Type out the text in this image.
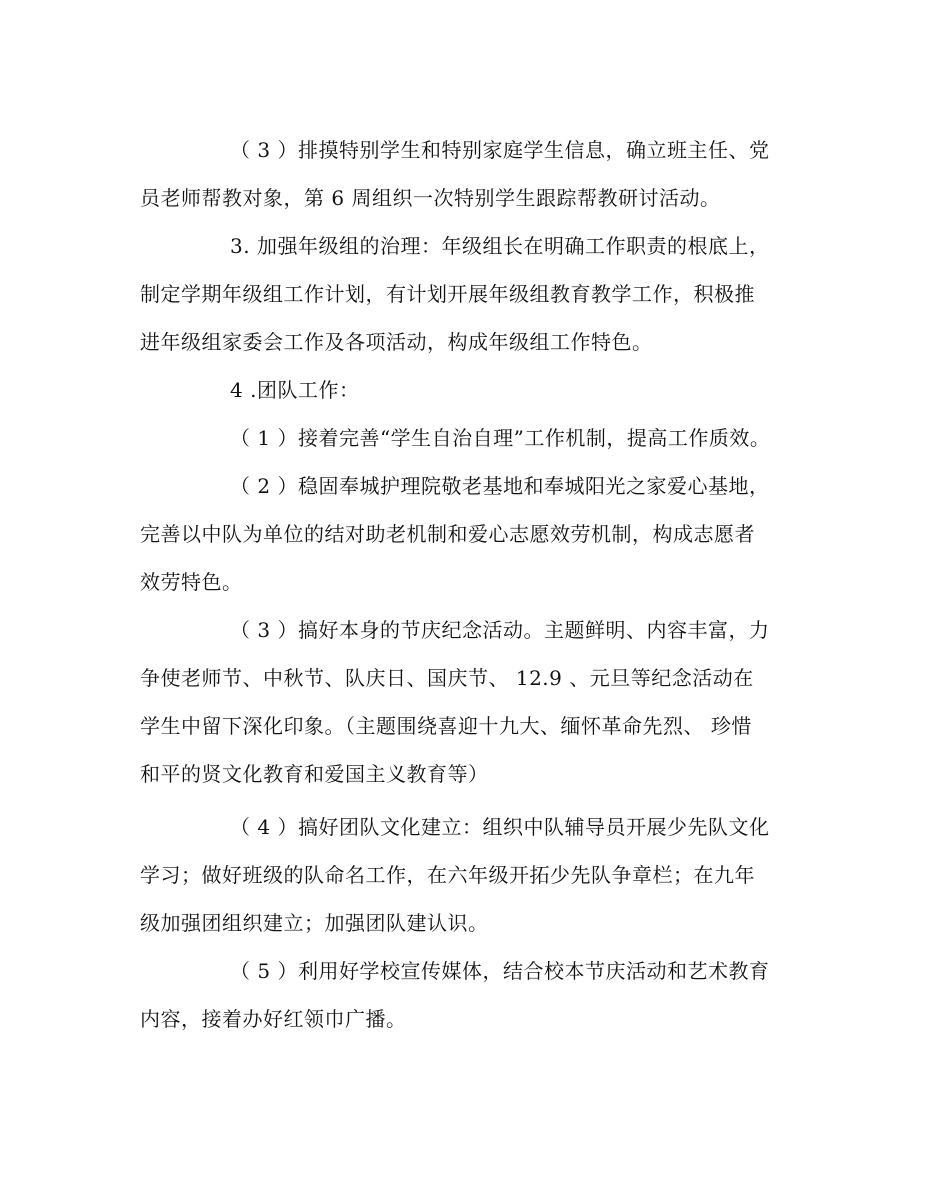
（ 3 ）排摸特别学生和特别家庭学生信息，确立班主任、党
员老师帮教对象，第 6 周组织一次特别学生跟踪帮教研讨活动。
3. 加强年级组的治理：年级组长在明确工作职责的根底上，
制定学期年级组工作计划，有计划开展年级组教育教学工作，积极推
进年级组家委会工作及各项活动，构成年级组工作特色。
4 .团队工作：
（ 1 ）接着完善“学生自治自理”工作机制，提高工作质效。
（ 2 ）稳固奉城护理院敬老基地和奉城阳光之家爱心基地，
完善以中队为单位的结对助老机制和爱心志愿效劳机制，构成志愿者
效劳特色。
（ 3 ）搞好本身的节庆纪念活动。主题鲜明、内容丰富，力
争使老师节、中秋节、队庆日、国庆节、 12.9 、元旦等纪念活动在
学生中留下深化印象。（主题围绕喜迎十九大、缅怀革命先烈、 珍惜
和平的贤文化教育和爱国主义教育等）
（ 4 ）搞好团队文化建立：组织中队辅导员开展少先队文化
学习；做好班级的队命名工作，在六年级开拓少先队争章栏；在九年
级加强团组织建立；加强团队建认识。
（ 5 ）利用好学校宣传媒体，结合校本节庆活动和艺术教育
内容，接着办好红领巾广播。
